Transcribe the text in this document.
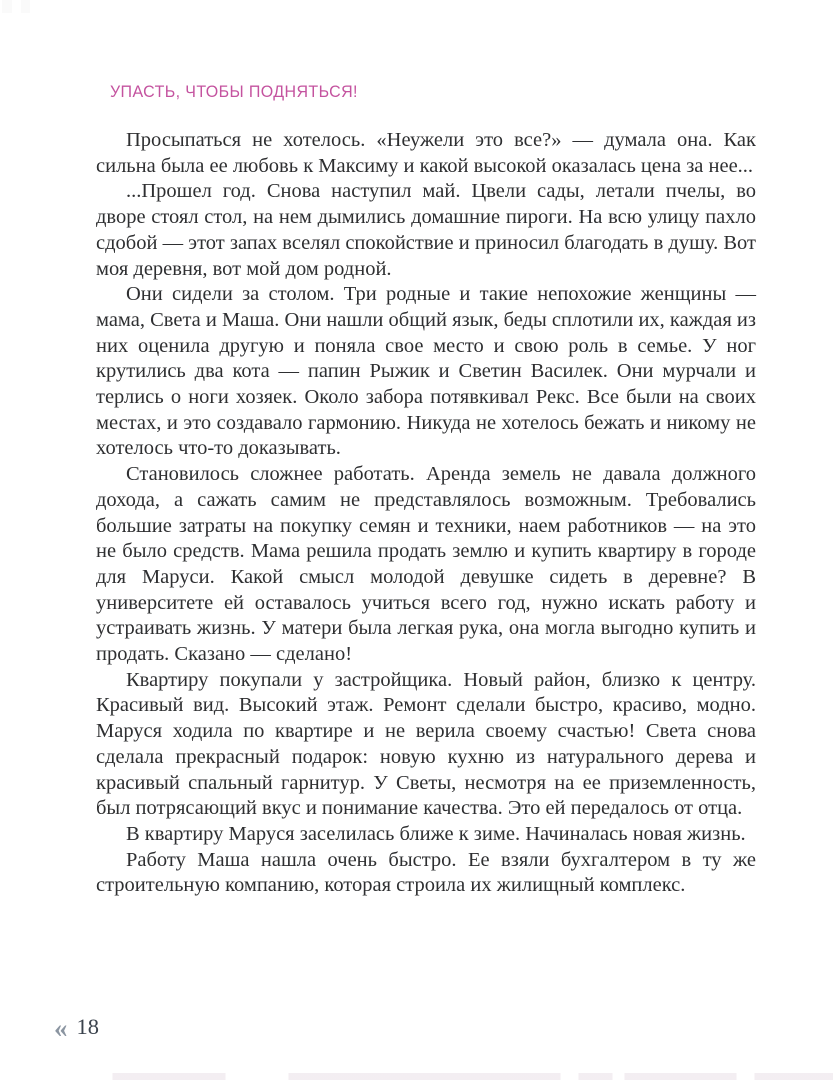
УПАСТЬ, ЧТОБЫ ПОДНЯТЬСЯ!

Просыпаться не хотелось. «Неужели это все?» — думала она. Как сильна была ее любовь к Максиму и какой высокой оказалась цена за нее...

...Прошел год. Снова наступил май. Цвели сады, летали пчелы, во дворе стоял стол, на нем дымились домашние пироги. На всю улицу пахло сдобой — этот запах вселял спокойствие и приносил благодать в душу. Вот моя деревня, вот мой дом родной.

Они сидели за столом. Три родные и такие непохожие женщины — мама, Света и Маша. Они нашли общий язык, беды сплотили их, каждая из них оценила другую и поняла свое место и свою роль в семье. У ног крутились два кота — папин Рыжик и Светин Василек. Они мурчали и терлись о ноги хозяек. Около забора потявкивал Рекс. Все были на своих местах, и это создавало гармонию. Никуда не хотелось бежать и никому не хотелось что-то доказывать.

Становилось сложнее работать. Аренда земель не давала должного дохода, а сажать самим не представлялось возможным. Требовались большие затраты на покупку семян и техники, наем работников — на это не было средств. Мама решила продать землю и купить квартиру в городе для Маруси. Какой смысл молодой девушке сидеть в деревне? В университете ей оставалось учиться всего год, нужно искать работу и устраивать жизнь. У матери была легкая рука, она могла выгодно купить и продать. Сказано — сделано!

Квартиру покупали у застройщика. Новый район, близко к центру. Красивый вид. Высокий этаж. Ремонт сделали быстро, красиво, модно. Маруся ходила по квартире и не верила своему счастью! Света снова сделала прекрасный подарок: новую кухню из натурального дерева и красивый спальный гарнитур. У Светы, несмотря на ее приземленность, был потрясающий вкус и понимание качества. Это ей передалось от отца.

В квартиру Маруся заселилась ближе к зиме. Начиналась новая жизнь.

Работу Маша нашла очень быстро. Ее взяли бухгалтером в ту же строительную компанию, которая строила их жилищный комплекс.

« 18
